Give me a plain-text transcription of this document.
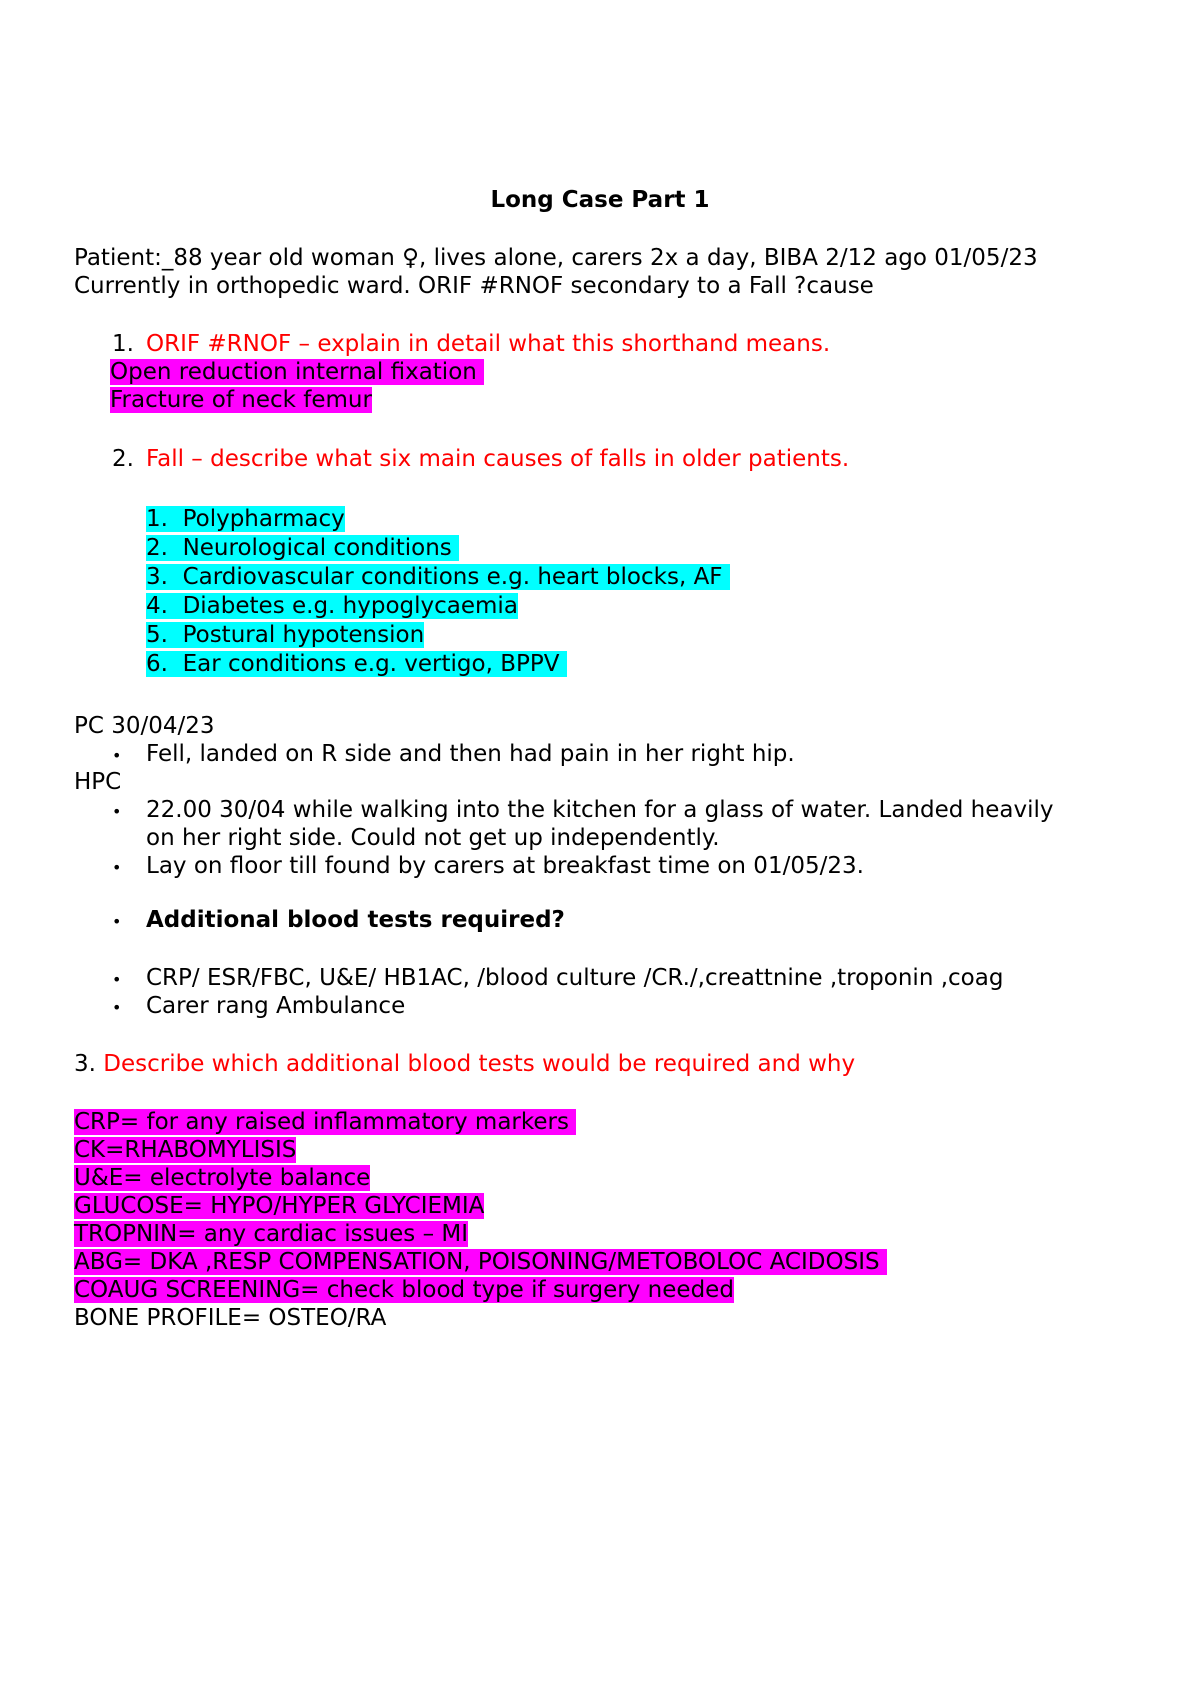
Long Case Part 1
Patient:_88 year old woman ♀, lives alone, carers 2x a day, BIBA 2/12 ago 01/05/23
Currently in orthopedic ward. ORIF #RNOF secondary to a Fall ?cause
1. ORIF #RNOF – explain in detail what this shorthand means.
Open reduction internal fixation
Fracture of neck femur
2. Fall – describe what six main causes of falls in older patients.
1. Polypharmacy
2. Neurological conditions
3. Cardiovascular conditions e.g. heart blocks, AF
4. Diabetes e.g. hypoglycaemia
5. Postural hypotension
6. Ear conditions e.g. vertigo, BPPV
PC 30/04/23
• Fell, landed on R side and then had pain in her right hip.
HPC
• 22.00 30/04 while walking into the kitchen for a glass of water. Landed heavily
on her right side. Could not get up independently.
• Lay on floor till found by carers at breakfast time on 01/05/23.
• Additional blood tests required?
• CRP/ ESR/FBC, U&E/ HB1AC, /blood culture /CR./,creattnine ,troponin ,coag
• Carer rang Ambulance
3. Describe which additional blood tests would be required and why
CRP= for any raised inflammatory markers
CK=RHABOMYLISIS
U&E= electrolyte balance
GLUCOSE= HYPO/HYPER GLYCIEMIA
TROPNIN= any cardiac issues – MI
ABG= DKA ,RESP COMPENSATION, POISONING/METOBOLOC ACIDOSIS
COAUG SCREENING= check blood type if surgery needed
BONE PROFILE= OSTEO/RA
